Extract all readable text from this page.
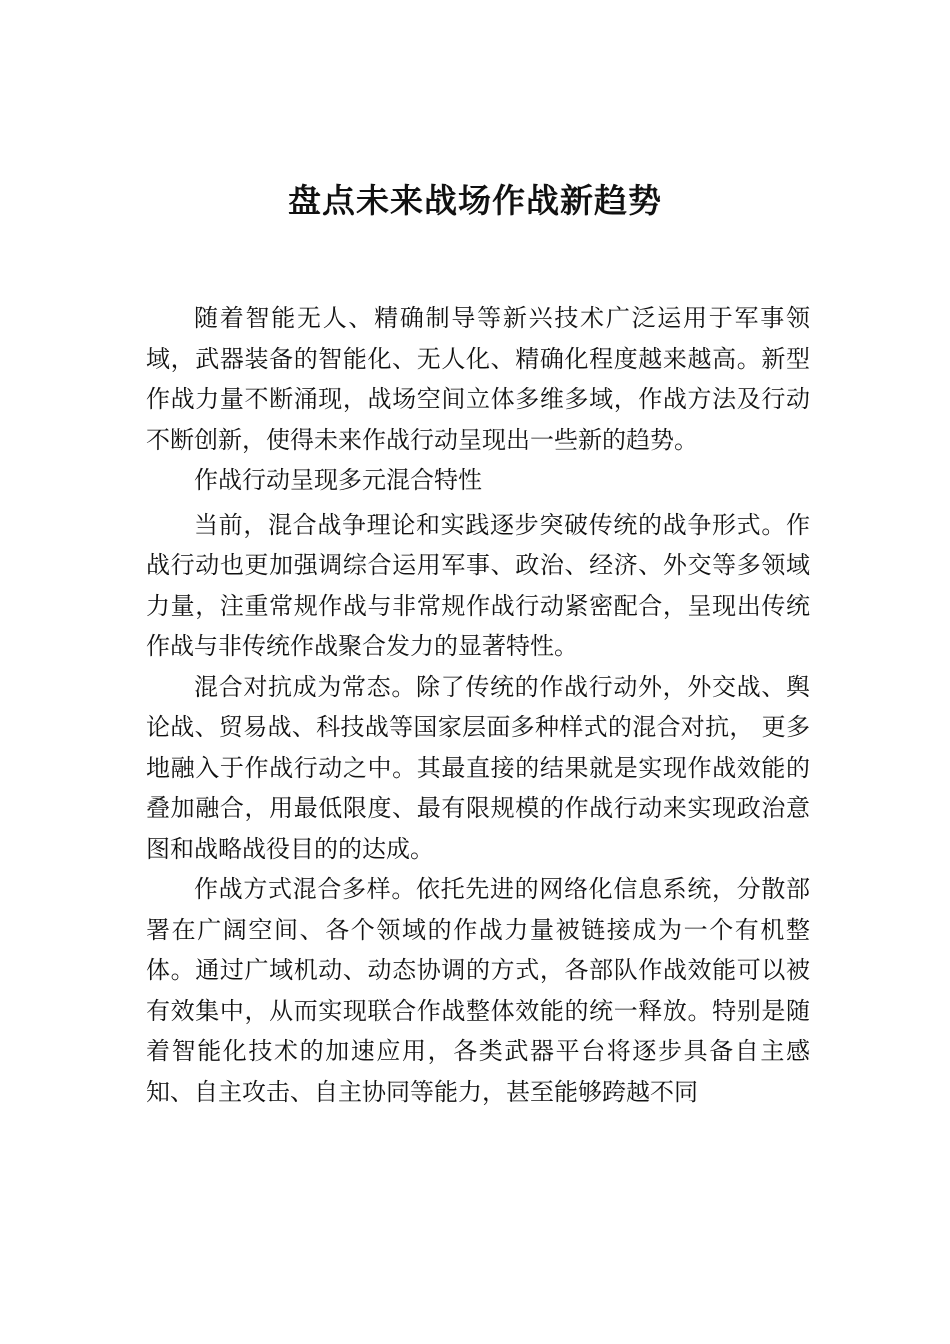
盘点未来战场作战新趋势

随着智能无人、精确制导等新兴技术广泛运用于军事领域，武器装备的智能化、无人化、精确化程度越来越高。新型作战力量不断涌现，战场空间立体多维多域，作战方法及行动不断创新，使得未来作战行动呈现出一些新的趋势。

作战行动呈现多元混合特性

当前，混合战争理论和实践逐步突破传统的战争形式。作战行动也更加强调综合运用军事、政治、经济、外交等多领域力量，注重常规作战与非常规作战行动紧密配合，呈现出传统作战与非传统作战聚合发力的显著特性。

混合对抗成为常态。除了传统的作战行动外，外交战、舆论战、贸易战、科技战等国家层面多种样式的混合对抗， 更多地融入于作战行动之中。其最直接的结果就是实现作战效能的叠加融合，用最低限度、最有限规模的作战行动来实现政治意图和战略战役目的的达成。

作战方式混合多样。依托先进的网络化信息系统，分散部署在广阔空间、各个领域的作战力量被链接成为一个有机整体。通过广域机动、动态协调的方式，各部队作战效能可以被有效集中，从而实现联合作战整体效能的统一释放。特别是随着智能化技术的加速应用，各类武器平台将逐步具备自主感知、自主攻击、自主协同等能力，甚至能够跨越不同
